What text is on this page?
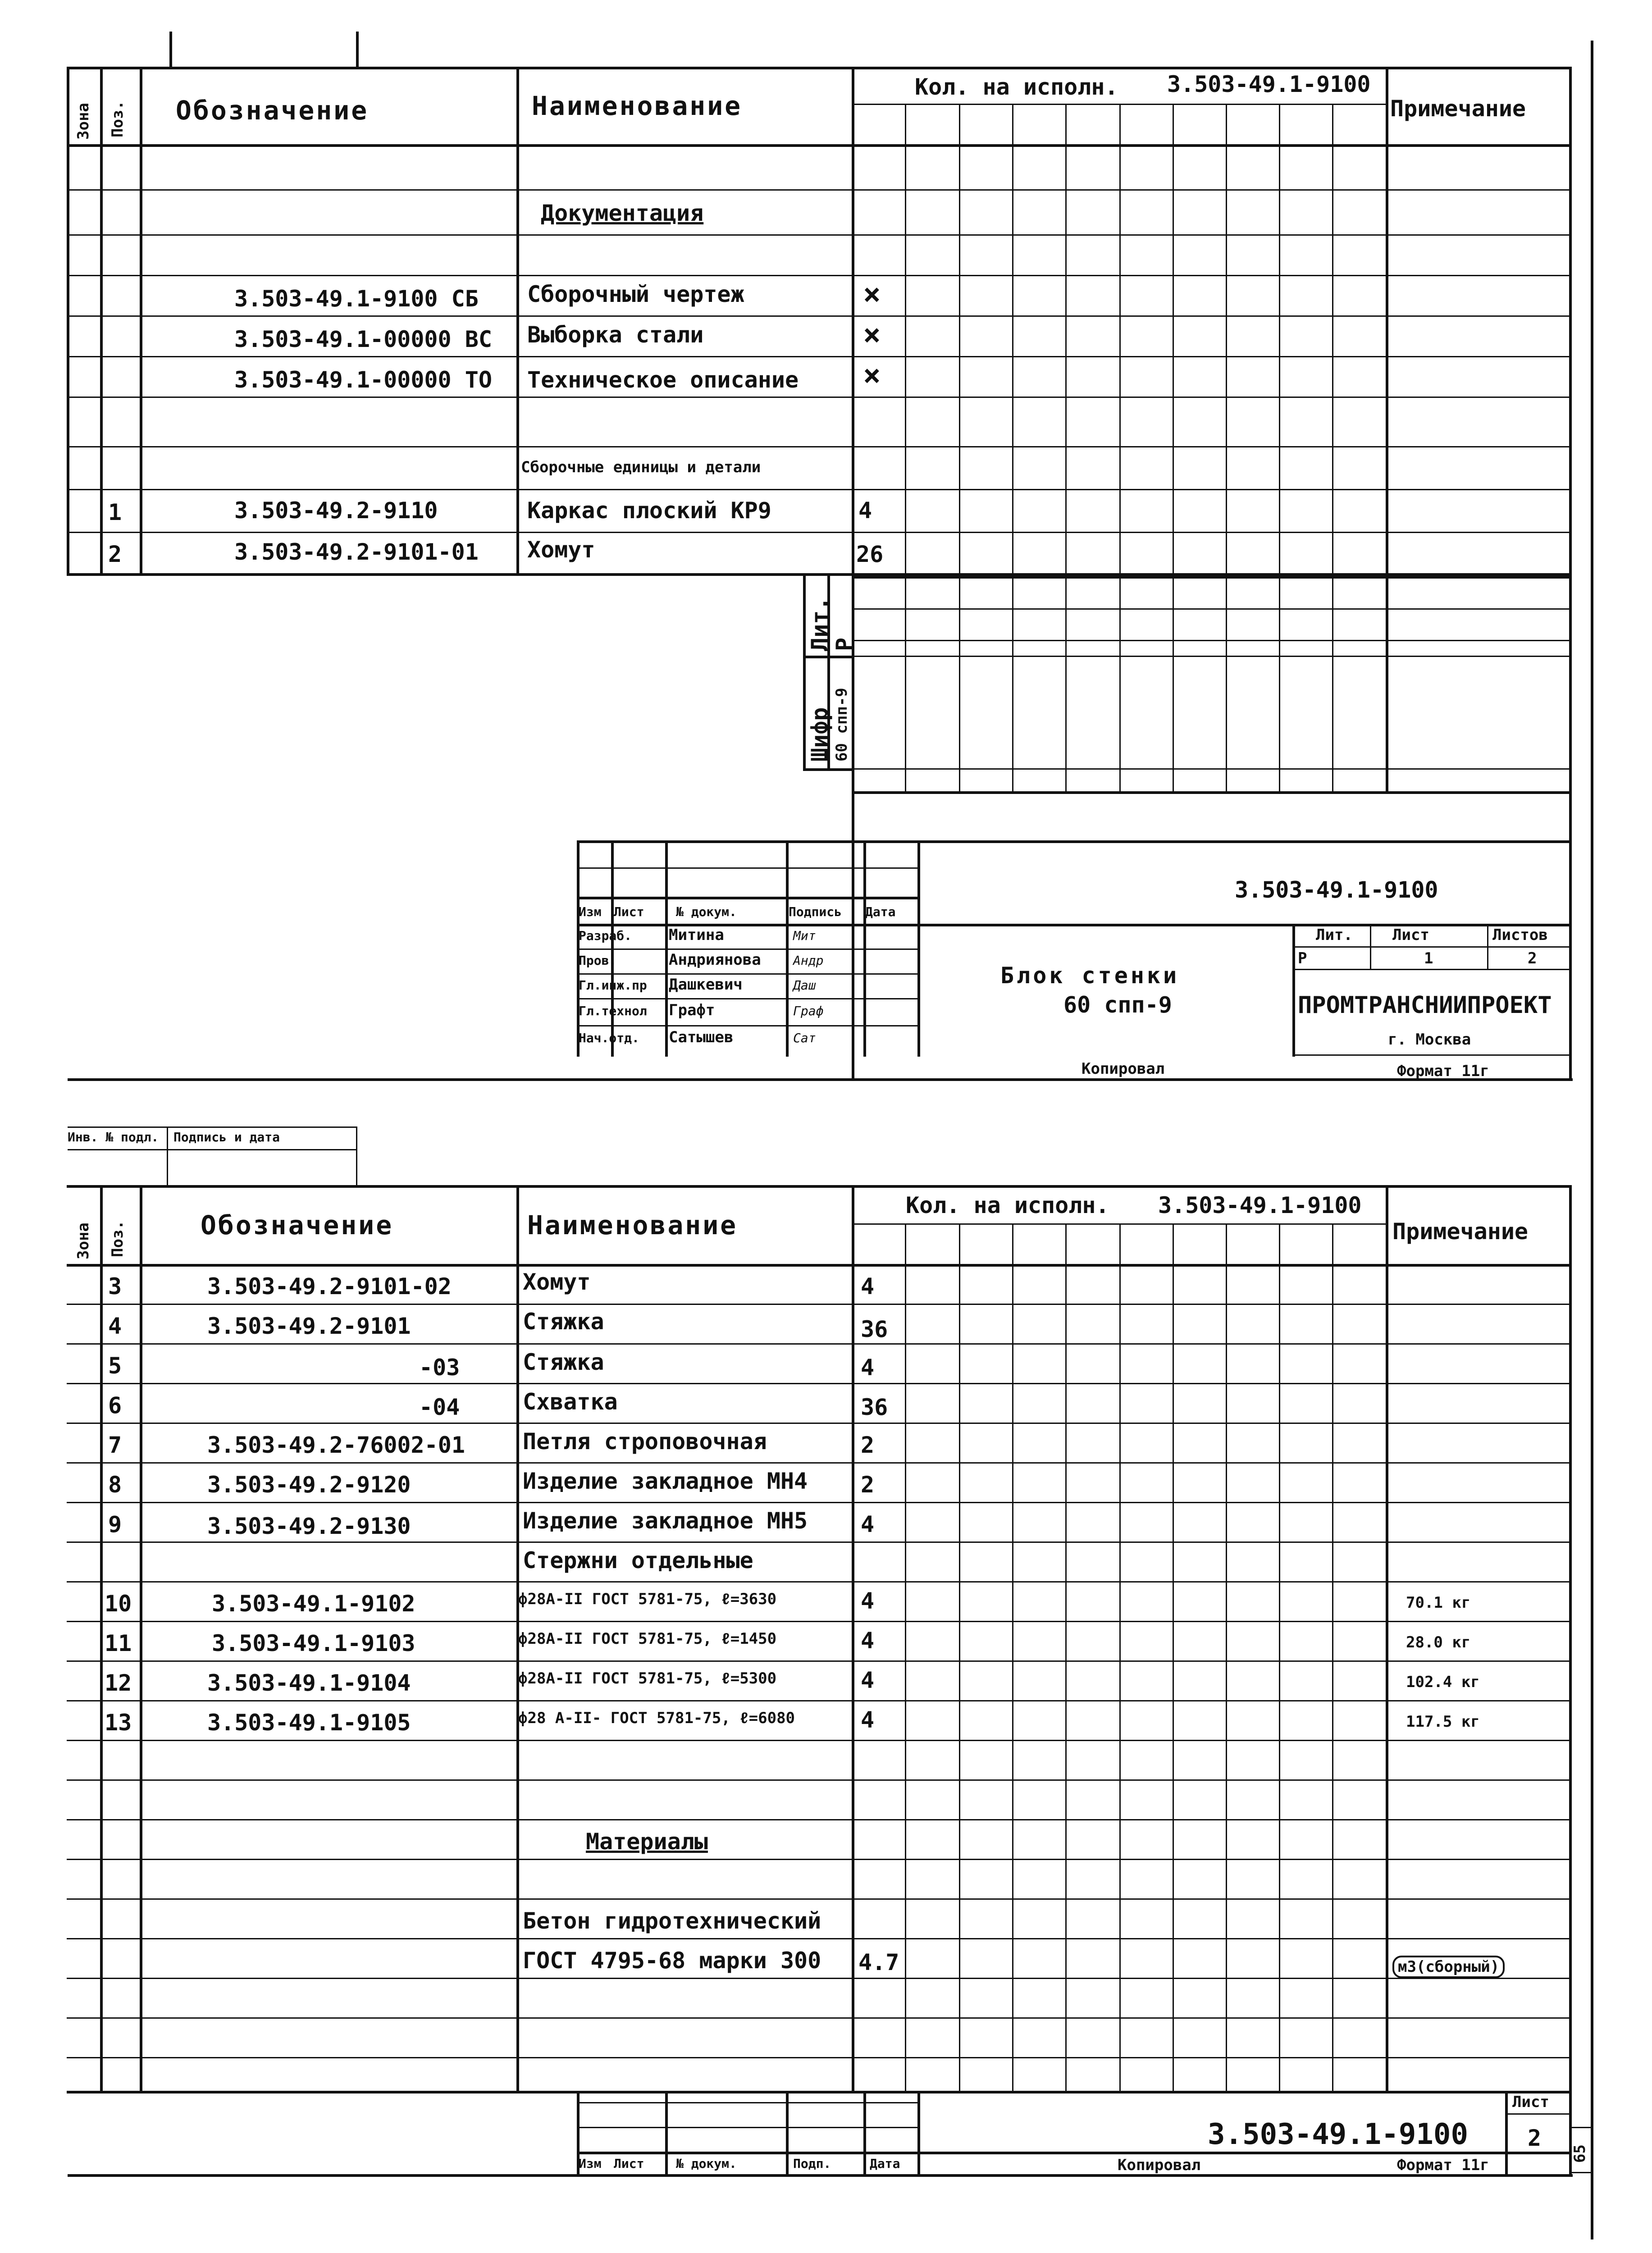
Зона Поз. Обозначение	Наименование
Кол. на исполн. 3.503-49.1-9100
Примечание
Документация
3.503-49.1-9100 СБ Сборочный чертеж	×
3.503-49.1-00000 ВС Выборка стали	×
3.503-49.1-00000 ТО Техническое описание ×
Сборочные единицы и детали
1	3.503-49.2-9110	Каркас плоский КР9	4
2	3.503-49.2-9101-01 Хомут	26
Лит.
Р
Шифр 60 спп-9
3.503-49.1-9100
Изм Лист	№ докум.	Подпись Дата
Разраб. Митина	Мит
Пров.	Андриянова	Андр
Гл.инж.пр Дашкевич	Даш
Гл.технол Графт	Граф
Нач.отд. Сатышев	Сат
Блок стенки
60 спп-9
Лит.	Лист	Листов
Р	1	2
ПРОМТРАНСНИИПРОЕКТ
г. Москва
Копировал	Формат 11г
Инв. № подл. Подпись и дата
Зона Поз.	Обозначение	Наименование
Кол. на исполн. 3.503-49.1-9100
Примечание
3	3.503-49.2-9101-02	Хомут	4
4	3.503-49.2-9101	Стяжка	36
5	-03	Стяжка	4
6	-04	Схватка	36
7	3.503-49.2-76002-01	Петля строповочная	2
8	3.503-49.2-9120	Изделие закладное МН4 2
9	3.503-49.2-9130	Изделие закладное МН5 4
Стержни отдельные
10	3.503-49.1-9102	ф28А-II ГОСТ 5781-75, ℓ=3630	4	70.1 кг
11	3.503-49.1-9103	ф28А-II ГОСТ 5781-75, ℓ=1450	4	28.0 кг
12	3.503-49.1-9104	ф28А-II ГОСТ 5781-75, ℓ=5300	4	102.4 кг
13	3.503-49.1-9105	ф28 А-II- ГОСТ 5781-75, ℓ=6080	4	117.5 кг
Материалы
Бетон гидротехнический
ГОСТ 4795-68 марки 300 4.7	м3(сборный)
Изм Лист	№ докум.	Подп.	Дата
3.503-49.1-9100
Лист
2
Копировал	Формат 11г
65
